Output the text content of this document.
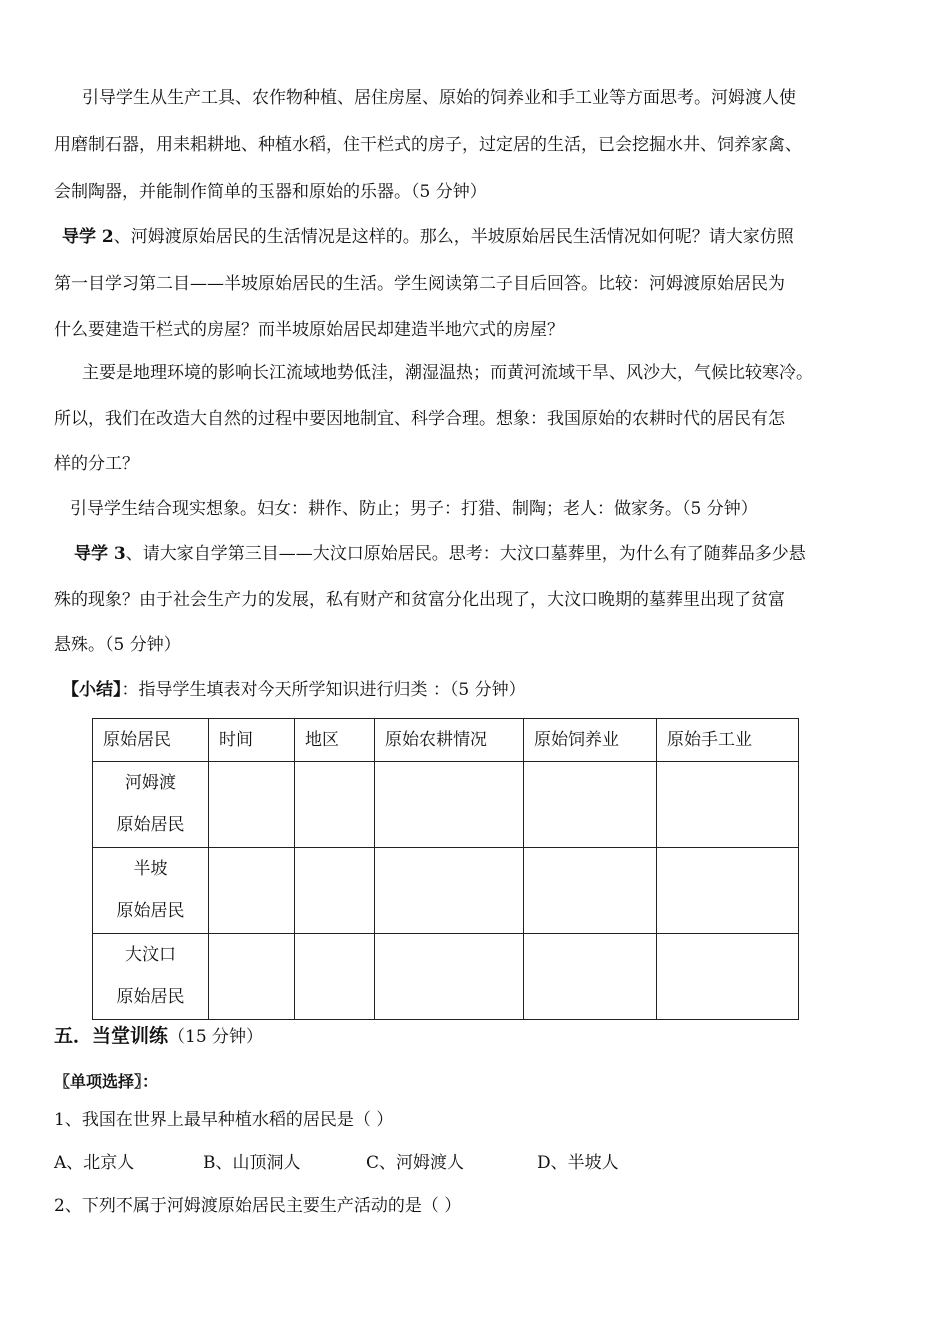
引导学生从生产工具、农作物种植、居住房屋、原始的饲养业和手工业等方面思考。河姆渡人使
用磨制石器，用耒耜耕地、种植水稻，住干栏式的房子，过定居的生活，已会挖掘水井、饲养家禽、
会制陶器，并能制作简单的玉器和原始的乐器。（5 分钟）
导学 2、河姆渡原始居民的生活情况是这样的。那么，半坡原始居民生活情况如何呢？请大家仿照
第一目学习第二目——半坡原始居民的生活。学生阅读第二子目后回答。比较：河姆渡原始居民为
什么要建造干栏式的房屋？而半坡原始居民却建造半地穴式的房屋？
主要是地理环境的影响长江流域地势低洼，潮湿温热；而黄河流域干旱、风沙大，气候比较寒冷。
所以，我们在改造大自然的过程中要因地制宜、科学合理。想象：我国原始的农耕时代的居民有怎
样的分工？
引导学生结合现实想象。妇女：耕作、防止；男子：打猎、制陶；老人：做家务。（5 分钟）
导学 3、请大家自学第三目——大汶口原始居民。思考：大汶口墓葬里，为什么有了随葬品多少悬
殊的现象？由于社会生产力的发展，私有财产和贫富分化出现了，大汶口晚期的墓葬里出现了贫富
悬殊。（5 分钟）
【小结】：指导学生填表对今天所学知识进行归类 ：（5 分钟）
原始居民	时间	地区	原始农耕情况	原始饲养业	原始手工业

河姆渡
原始居民					

半坡
原始居民					

大汶口
原始居民					

五．当堂训练（15 分钟）
〖单项选择〗：
1、我国在世界上最早种植水稻的居民是（ ）
A、北京人	B、山顶洞人	C、河姆渡人	D、半坡人
2、下列不属于河姆渡原始居民主要生产活动的是（ ）
